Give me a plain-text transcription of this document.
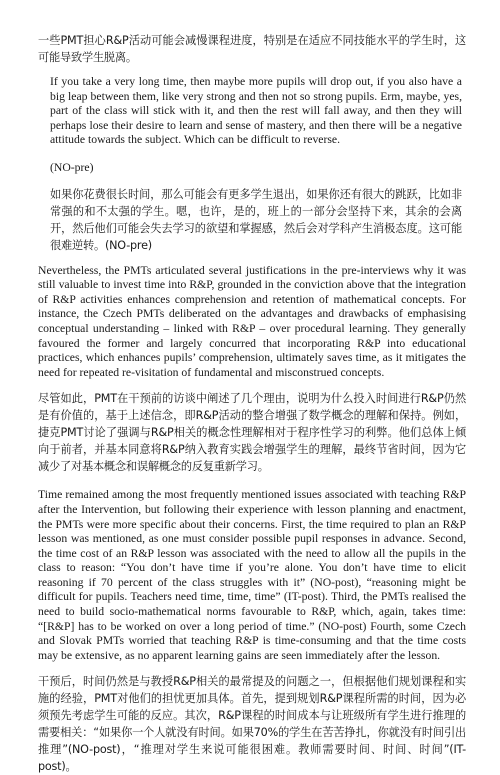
一些PMT担心R&P活动可能会减慢课程进度，特别是在适应不同技能水平的学生时，这可能导致学生脱离。

If you take a very long time, then maybe more pupils will drop out, if you also have a big leap between them, like very strong and then not so strong pupils. Erm, maybe, yes, part of the class will stick with it, and then the rest will fall away, and then they will perhaps lose their desire to learn and sense of mastery, and then there will be a negative attitude towards the subject. Which can be difficult to reverse.

(NO-pre)

如果你花费很长时间，那么可能会有更多学生退出，如果你还有很大的跳跃，比如非常强的和不太强的学生。嗯，也许，是的，班上的一部分会坚持下来，其余的会离开，然后他们可能会失去学习的欲望和掌握感，然后会对学科产生消极态度。这可能很难逆转。(NO-pre)

Nevertheless, the PMTs articulated several justifications in the pre-interviews why it was still valuable to invest time into R&P, grounded in the conviction above that the integration of R&P activities enhances comprehension and retention of mathematical concepts. For instance, the Czech PMTs deliberated on the advantages and drawbacks of emphasising conceptual understanding – linked with R&P – over procedural learning. They generally favoured the former and largely concurred that incorporating R&P into educational practices, which enhances pupils’ comprehension, ultimately saves time, as it mitigates the need for repeated re-visitation of fundamental and misconstrued concepts.

尽管如此，PMT在干预前的访谈中阐述了几个理由，说明为什么投入时间进行R&P仍然是有价值的，基于上述信念，即R&P活动的整合增强了数学概念的理解和保持。例如，捷克PMT讨论了强调与R&P相关的概念性理解相对于程序性学习的利弊。他们总体上倾向于前者，并基本同意将R&P纳入教育实践会增强学生的理解，最终节省时间，因为它减少了对基本概念和误解概念的反复重新学习。

Time remained among the most frequently mentioned issues associated with teaching R&P after the Intervention, but following their experience with lesson planning and enactment, the PMTs were more specific about their concerns. First, the time required to plan an R&P lesson was mentioned, as one must consider possible pupil responses in advance. Second, the time cost of an R&P lesson was associated with the need to allow all the pupils in the class to reason: “You don’t have time if you’re alone. You don’t have time to elicit reasoning if 70 percent of the class struggles with it” (NO-post), “reasoning might be difficult for pupils. Teachers need time, time, time” (IT-post). Third, the PMTs realised the need to build socio-mathematical norms favourable to R&P, which, again, takes time: “[R&P] has to be worked on over a long period of time.” (NO-post) Fourth, some Czech and Slovak PMTs worried that teaching R&P is time-consuming and that the time costs may be extensive, as no apparent learning gains are seen immediately after the lesson.

干预后，时间仍然是与教授R&P相关的最常提及的问题之一，但根据他们规划课程和实施的经验，PMT对他们的担忧更加具体。首先，提到规划R&P课程所需的时间，因为必须预先考虑学生可能的反应。其次，R&P课程的时间成本与让班级所有学生进行推理的需要相关：“如果你一个人就没有时间。如果70%的学生在苦苦挣扎，你就没有时间引出推理”(NO-post)，“推理对学生来说可能很困难。教师需要时间、时间、时间”(IT-post)。
